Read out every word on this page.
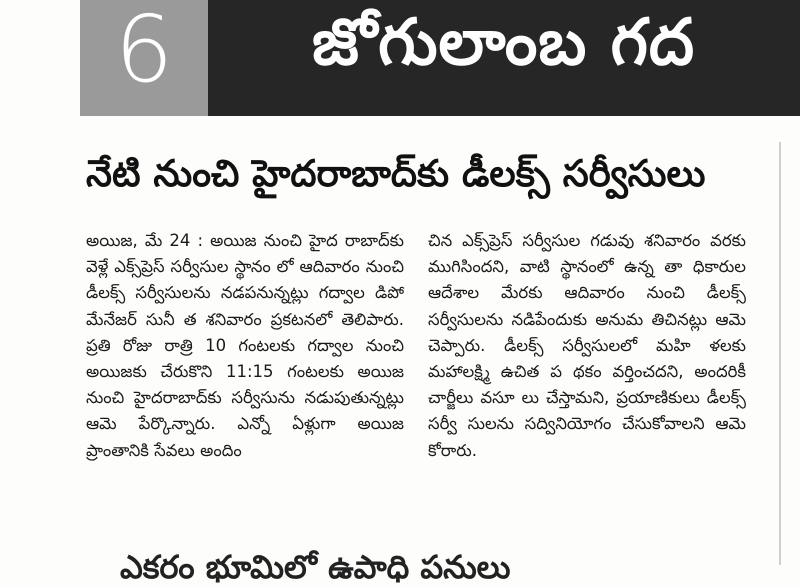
6	జోగులాంబ గద
నేటి నుంచి హైదరాబాద్‌కు డీలక్స్ సర్వీసులు

అయిజ, మే 24 : అయిజ నుంచి హైద రాబాద్‌కు వెళ్లే ఎక్స్‌ప్రెస్ సర్వీసుల స్థానం లో ఆదివారం నుంచి డీలక్స్ సర్వీసులను నడపనున్నట్లు గద్వాల డిపో మేనేజర్ సునీ త శనివారం ప్రకటనలో తెలిపారు. ప్రతి రోజు రాత్రి 10 గంటలకు గద్వాల నుంచి అయిజకు చేరుకొని 11:15 గంటలకు అయిజ నుంచి హైదరాబాద్‌కు సర్వీసును నడుపుతున్నట్లు ఆమె పేర్కొన్నారు. ఎన్నో ఏళ్లుగా అయిజ ప్రాంతానికి సేవలు అందిం

చిన ఎక్స్‌ప్రెస్ సర్వీసుల గడువు శనివారం వరకు ముగిసిందని, వాటి స్థానంలో ఉన్న తా ధికారుల ఆదేశాల మేరకు ఆదివారం నుంచి డీలక్స్ సర్వీసులను నడిపేందుకు అనుమ తిచినట్లు ఆమె చెప్పారు. డీలక్స్ సర్వీసులలో మహి ళలకు మహాలక్ష్మి ఉచిత ప థకం వర్తించదని, అందరికీ చార్జీలు వసూ లు చేస్తామని, ప్రయాణికులు డీలక్స్ సర్వీ సులను సద్వినియోగం చేసుకోవాలని ఆమె కోరారు.

ఎకరం భూమిలో ఉపాధి పనులు
